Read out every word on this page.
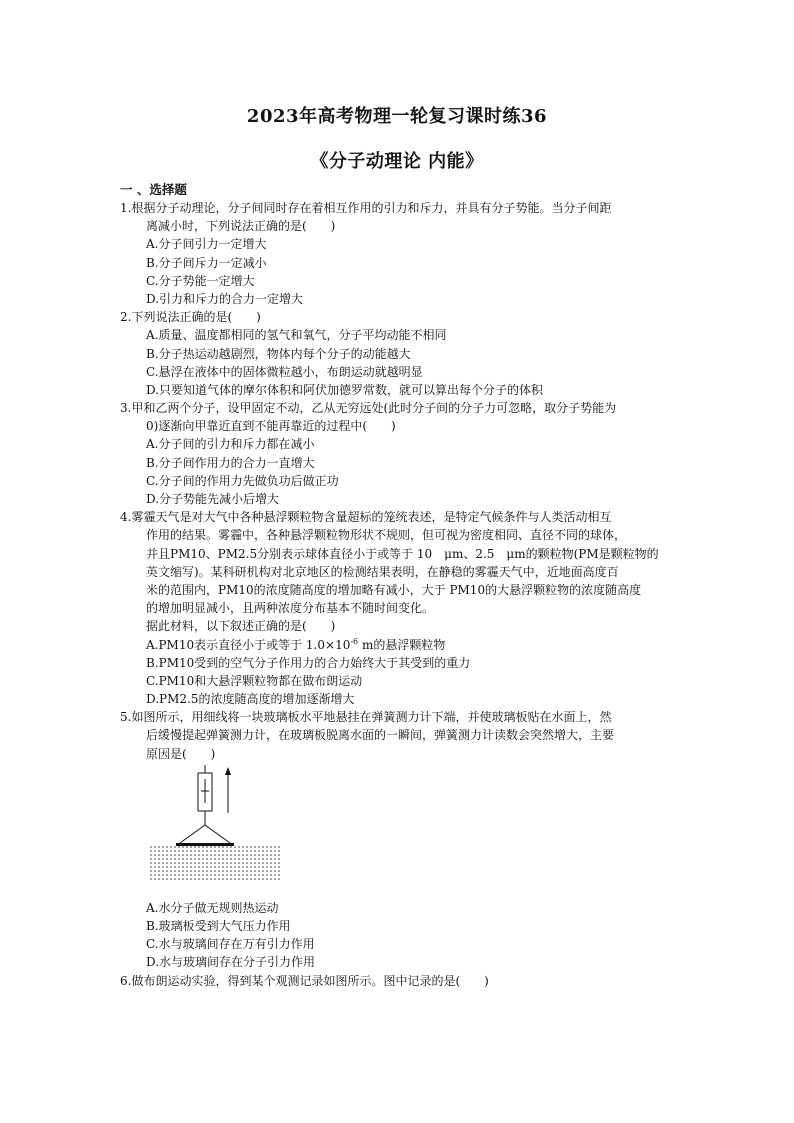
2023年高考物理一轮复习课时练36
《分子动理论 内能》
一 、选择题
1.根据分子动理论，分子间同时存在着相互作用的引力和斥力，并具有分子势能。当分子间距
离减小时，下列说法正确的是(　　)
A.分子间引力一定增大
B.分子间斥力一定减小
C.分子势能一定增大
D.引力和斥力的合力一定增大
2.下列说法正确的是(　　)
A.质量、温度都相同的氢气和氧气，分子平均动能不相同
B.分子热运动越剧烈，物体内每个分子的动能越大
C.悬浮在液体中的固体微粒越小，布朗运动就越明显
D.只要知道气体的摩尔体积和阿伏加德罗常数，就可以算出每个分子的体积
3.甲和乙两个分子，设甲固定不动，乙从无穷远处(此时分子间的分子力可忽略，取分子势能为
0)逐渐向甲靠近直到不能再靠近的过程中(　　)
A.分子间的引力和斥力都在减小
B.分子间作用力的合力一直增大
C.分子间的作用力先做负功后做正功
D.分子势能先减小后增大
4.雾霾天气是对大气中各种悬浮颗粒物含量超标的笼统表述，是特定气候条件与人类活动相互
作用的结果。雾霾中，各种悬浮颗粒物形状不规则，但可视为密度相同、直径不同的球体，
并且PM10、PM2.5分别表示球体直径小于或等于 10　μm、2.5　μm的颗粒物(PM是颗粒物的
英文缩写)。某科研机构对北京地区的检测结果表明，在静稳的雾霾天气中，近地面高度百
米的范围内，PM10的浓度随高度的增加略有减小，大于 PM10的大悬浮颗粒物的浓度随高度
的增加明显减小，且两种浓度分布基本不随时间变化。
据此材料，以下叙述正确的是(　　)
A.PM10表示直径小于或等于 $1.0\times 10^{-6}$ m的悬浮颗粒物
B.PM10受到的空气分子作用力的合力始终大于其受到的重力
C.PM10和大悬浮颗粒物都在做布朗运动
D.PM2.5的浓度随高度的增加逐渐增大
5.如图所示，用细线将一块玻璃板水平地悬挂在弹簧测力计下端，并使玻璃板贴在水面上，然
后缓慢提起弹簧测力计，在玻璃板脱离水面的一瞬间，弹簧测力计读数会突然增大，主要
原因是(　　)
A.水分子做无规则热运动
B.玻璃板受到大气压力作用
C.水与玻璃间存在万有引力作用
D.水与玻璃间存在分子引力作用
6.做布朗运动实验，得到某个观测记录如图所示。图中记录的是(　　)
